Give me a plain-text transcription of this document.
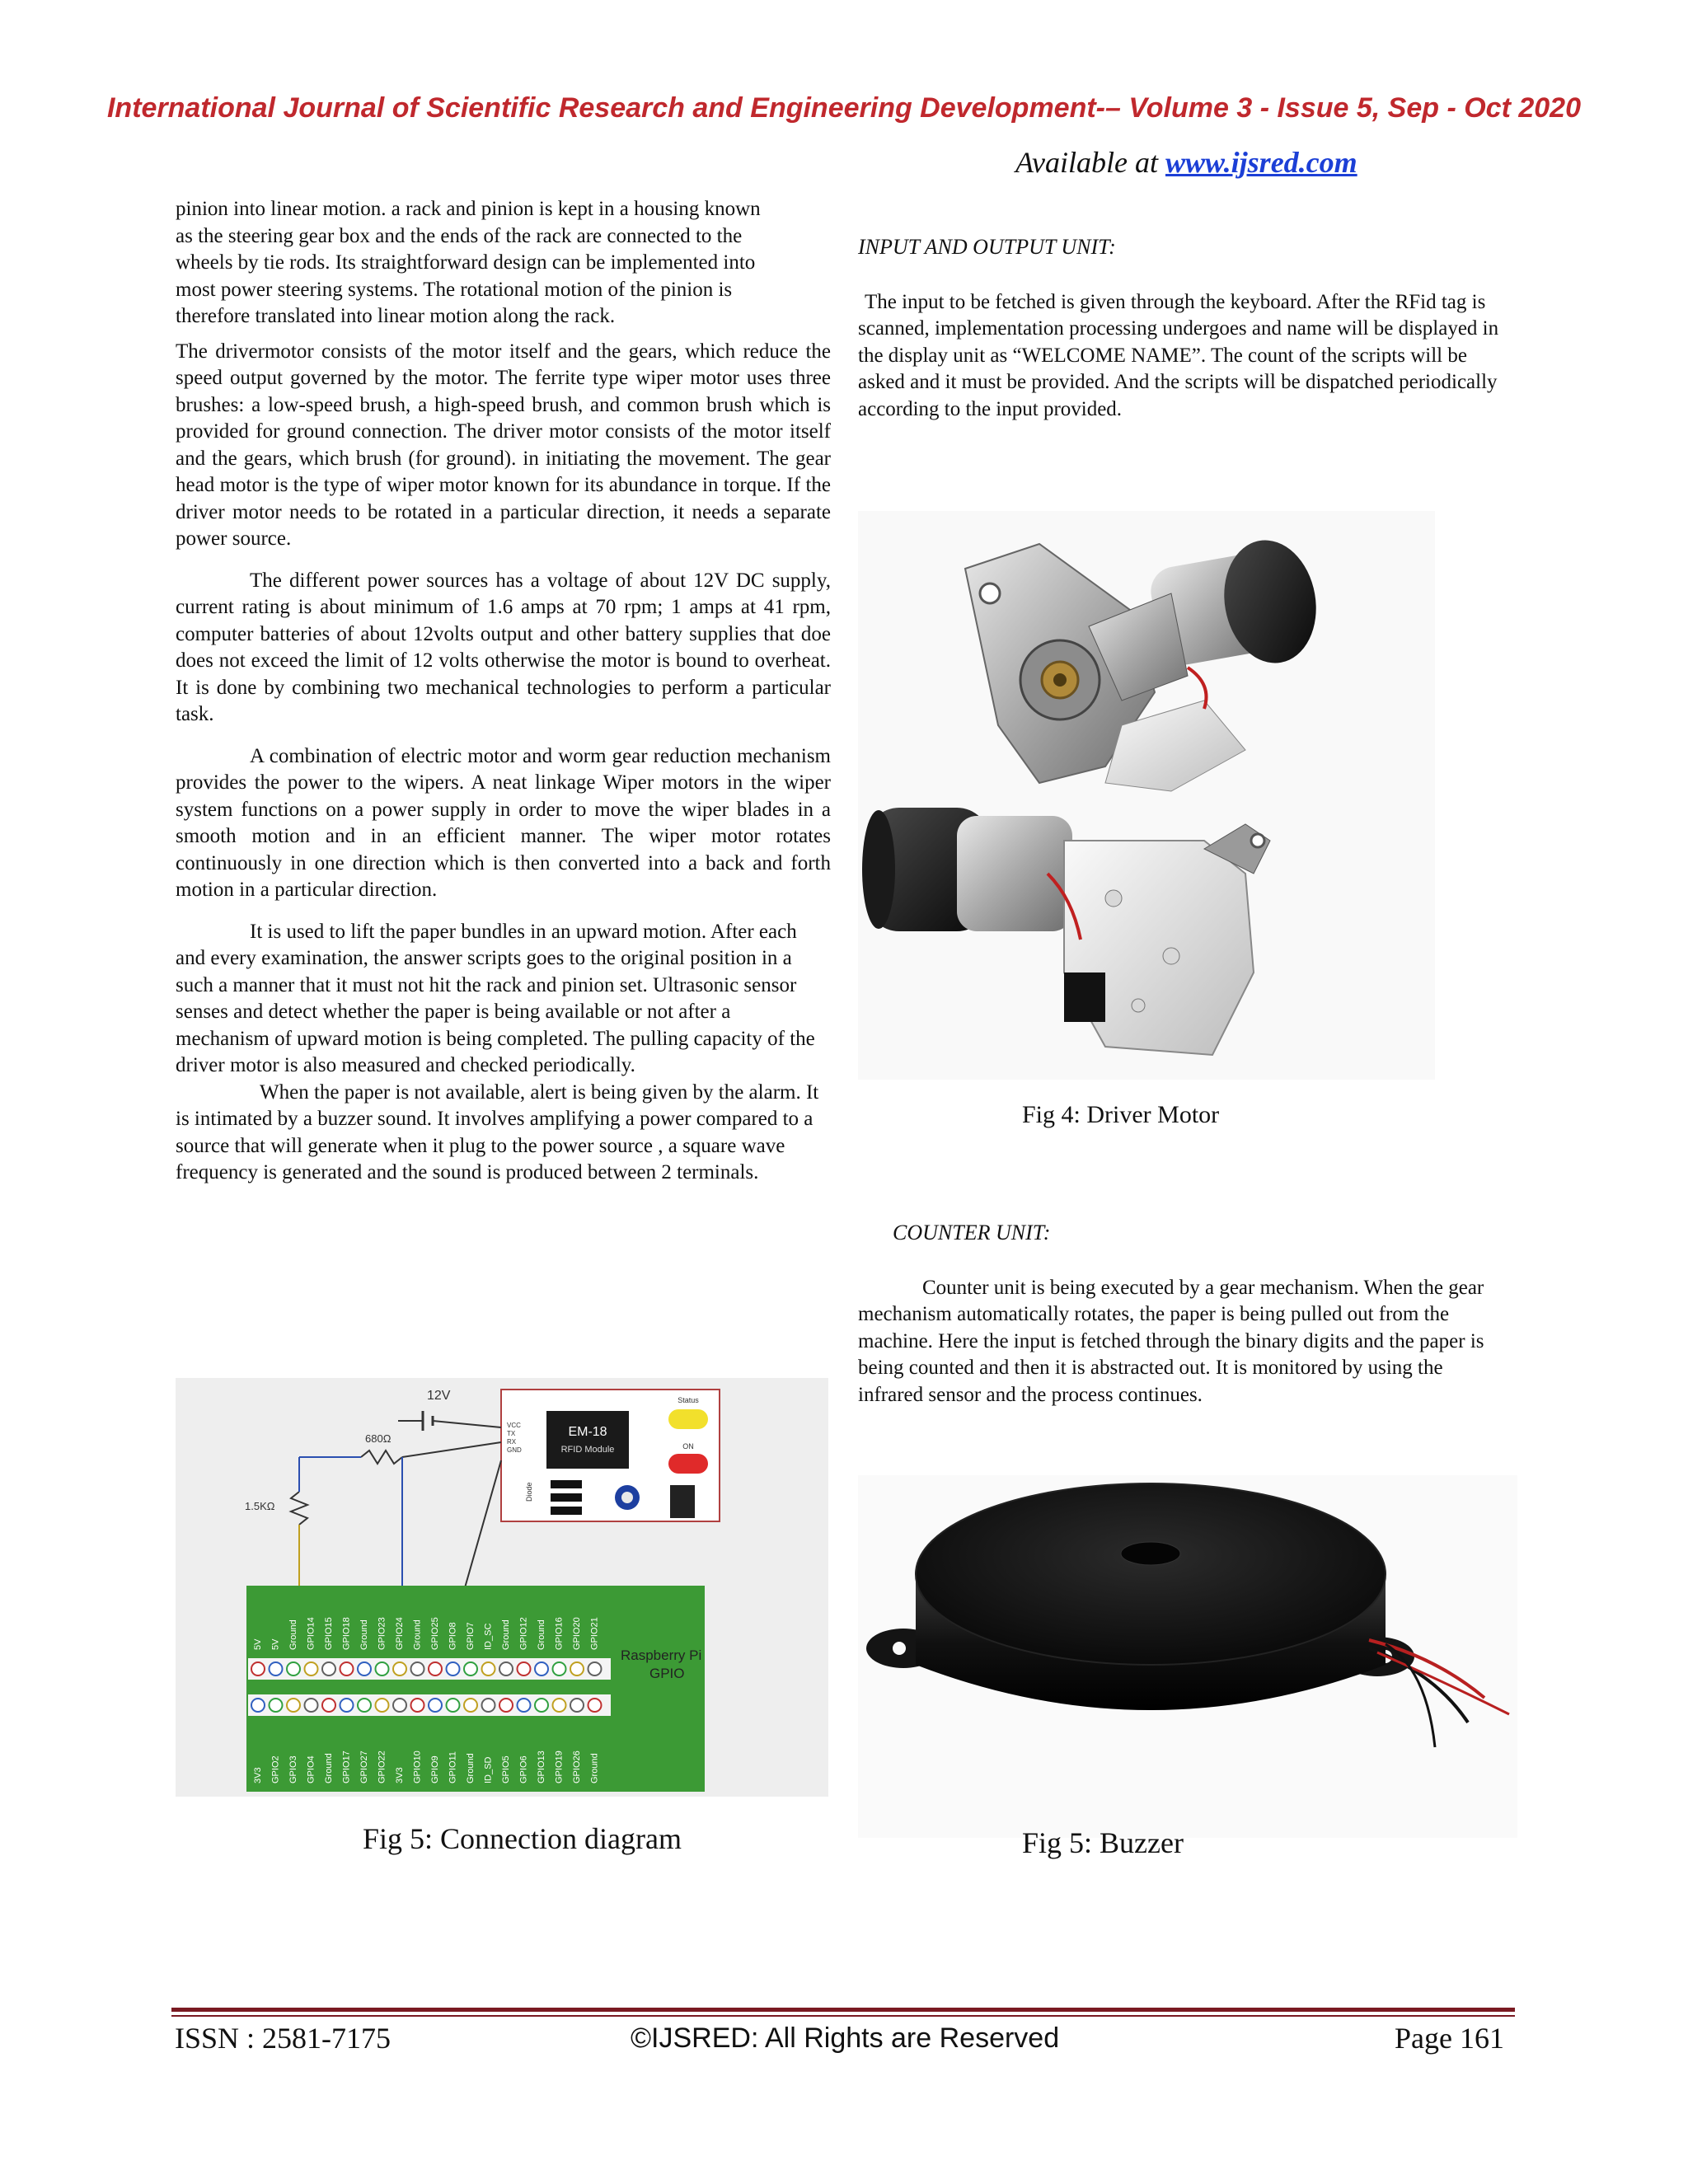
International Journal of Scientific Research and Engineering Development-– Volume 3 - Issue 5, Sep - Oct 2020
Available at www.ijsred.com

pinion into linear motion. a rack and pinion is kept in a housing known as the steering gear box and the ends of the rack are connected to the wheels by tie rods. Its straightforward design can be implemented into most power steering systems. The rotational motion of the pinion is therefore translated into linear motion along the rack.

The drivermotor consists of the motor itself and the gears, which reduce the speed output governed by the motor. The ferrite type wiper motor uses three brushes: a low-speed brush, a high-speed brush, and common brush which is provided for ground connection. The driver motor consists of the motor itself and the gears, which brush (for ground). in initiating the movement. The gear head motor is the type of wiper motor known for its abundance in torque. If the driver motor needs to be rotated in a particular direction, it needs a separate power source.

The different power sources has a voltage of about 12V DC supply, current rating is about minimum of 1.6 amps at 70 rpm; 1 amps at 41 rpm, computer batteries of about 12volts output and other battery supplies that doe does not exceed the limit of 12 volts otherwise the motor is bound to overheat. It is done by combining two mechanical technologies to perform a particular task.

A combination of electric motor and worm gear reduction mechanism provides the power to the wipers. A neat linkage Wiper motors in the wiper system functions on a power supply in order to move the wiper blades in a smooth motion and in an efficient manner. The wiper motor rotates continuously in one direction which is then converted into a back and forth motion in a particular direction.

It is used to lift the paper bundles in an upward motion. After each and every examination, the answer scripts goes to the original position in a such a manner that it must not hit the rack and pinion set. Ultrasonic sensor senses and detect whether the paper is being available or not after a mechanism of upward motion is being completed. The pulling capacity of the driver motor is also measured and checked periodically.

When the paper is not available, alert is being given by the alarm. It is intimated by a buzzer sound. It involves amplifying a power compared to a source that will generate when it plug to the power source , a square wave frequency is generated and the sound is produced between 2 terminals.

INPUT AND OUTPUT UNIT:

The input to be fetched is given through the keyboard. After the RFid tag is scanned, implementation processing undergoes and name will be displayed in the display unit as “WELCOME NAME”. The count of the scripts will be asked and it must be provided. And the scripts will be dispatched periodically according to the input provided.

Fig 4: Driver Motor

COUNTER UNIT:

Counter unit is being executed by a gear mechanism. When the gear mechanism automatically rotates, the paper is being pulled out from the machine. Here the input is fetched through the binary digits and the paper is being counted and then it is abstracted out. It is monitored by using the infrared sensor and the process continues.

EM-18
RFID Module
Status
ON
Diode
VCC
TX
RX
GND
12V
680Ω
1.5KΩ
5V 5V Ground GPIO14 GPIO15 GPIO18 Ground GPIO23 GPIO24 Ground GPIO25 GPIO8 GPIO7 ID_SC Ground GPIO12 Ground GPIO16 GPIO20 GPIO21
3V3 GPIO2 GPIO3 GPIO4 Ground GPIO17 GPIO27 GPIO22 3V3 GPIO10 GPIO9 GPIO11 Ground ID_SD GPIO5 GPIO6 GPIO13 GPIO19 GPIO26 Ground
Raspberry Pi
GPIO
Fig 5: Connection diagram	Fig 5: Buzzer
ISSN : 2581-7175	©IJSRED: All Rights are Reserved	Page 161
